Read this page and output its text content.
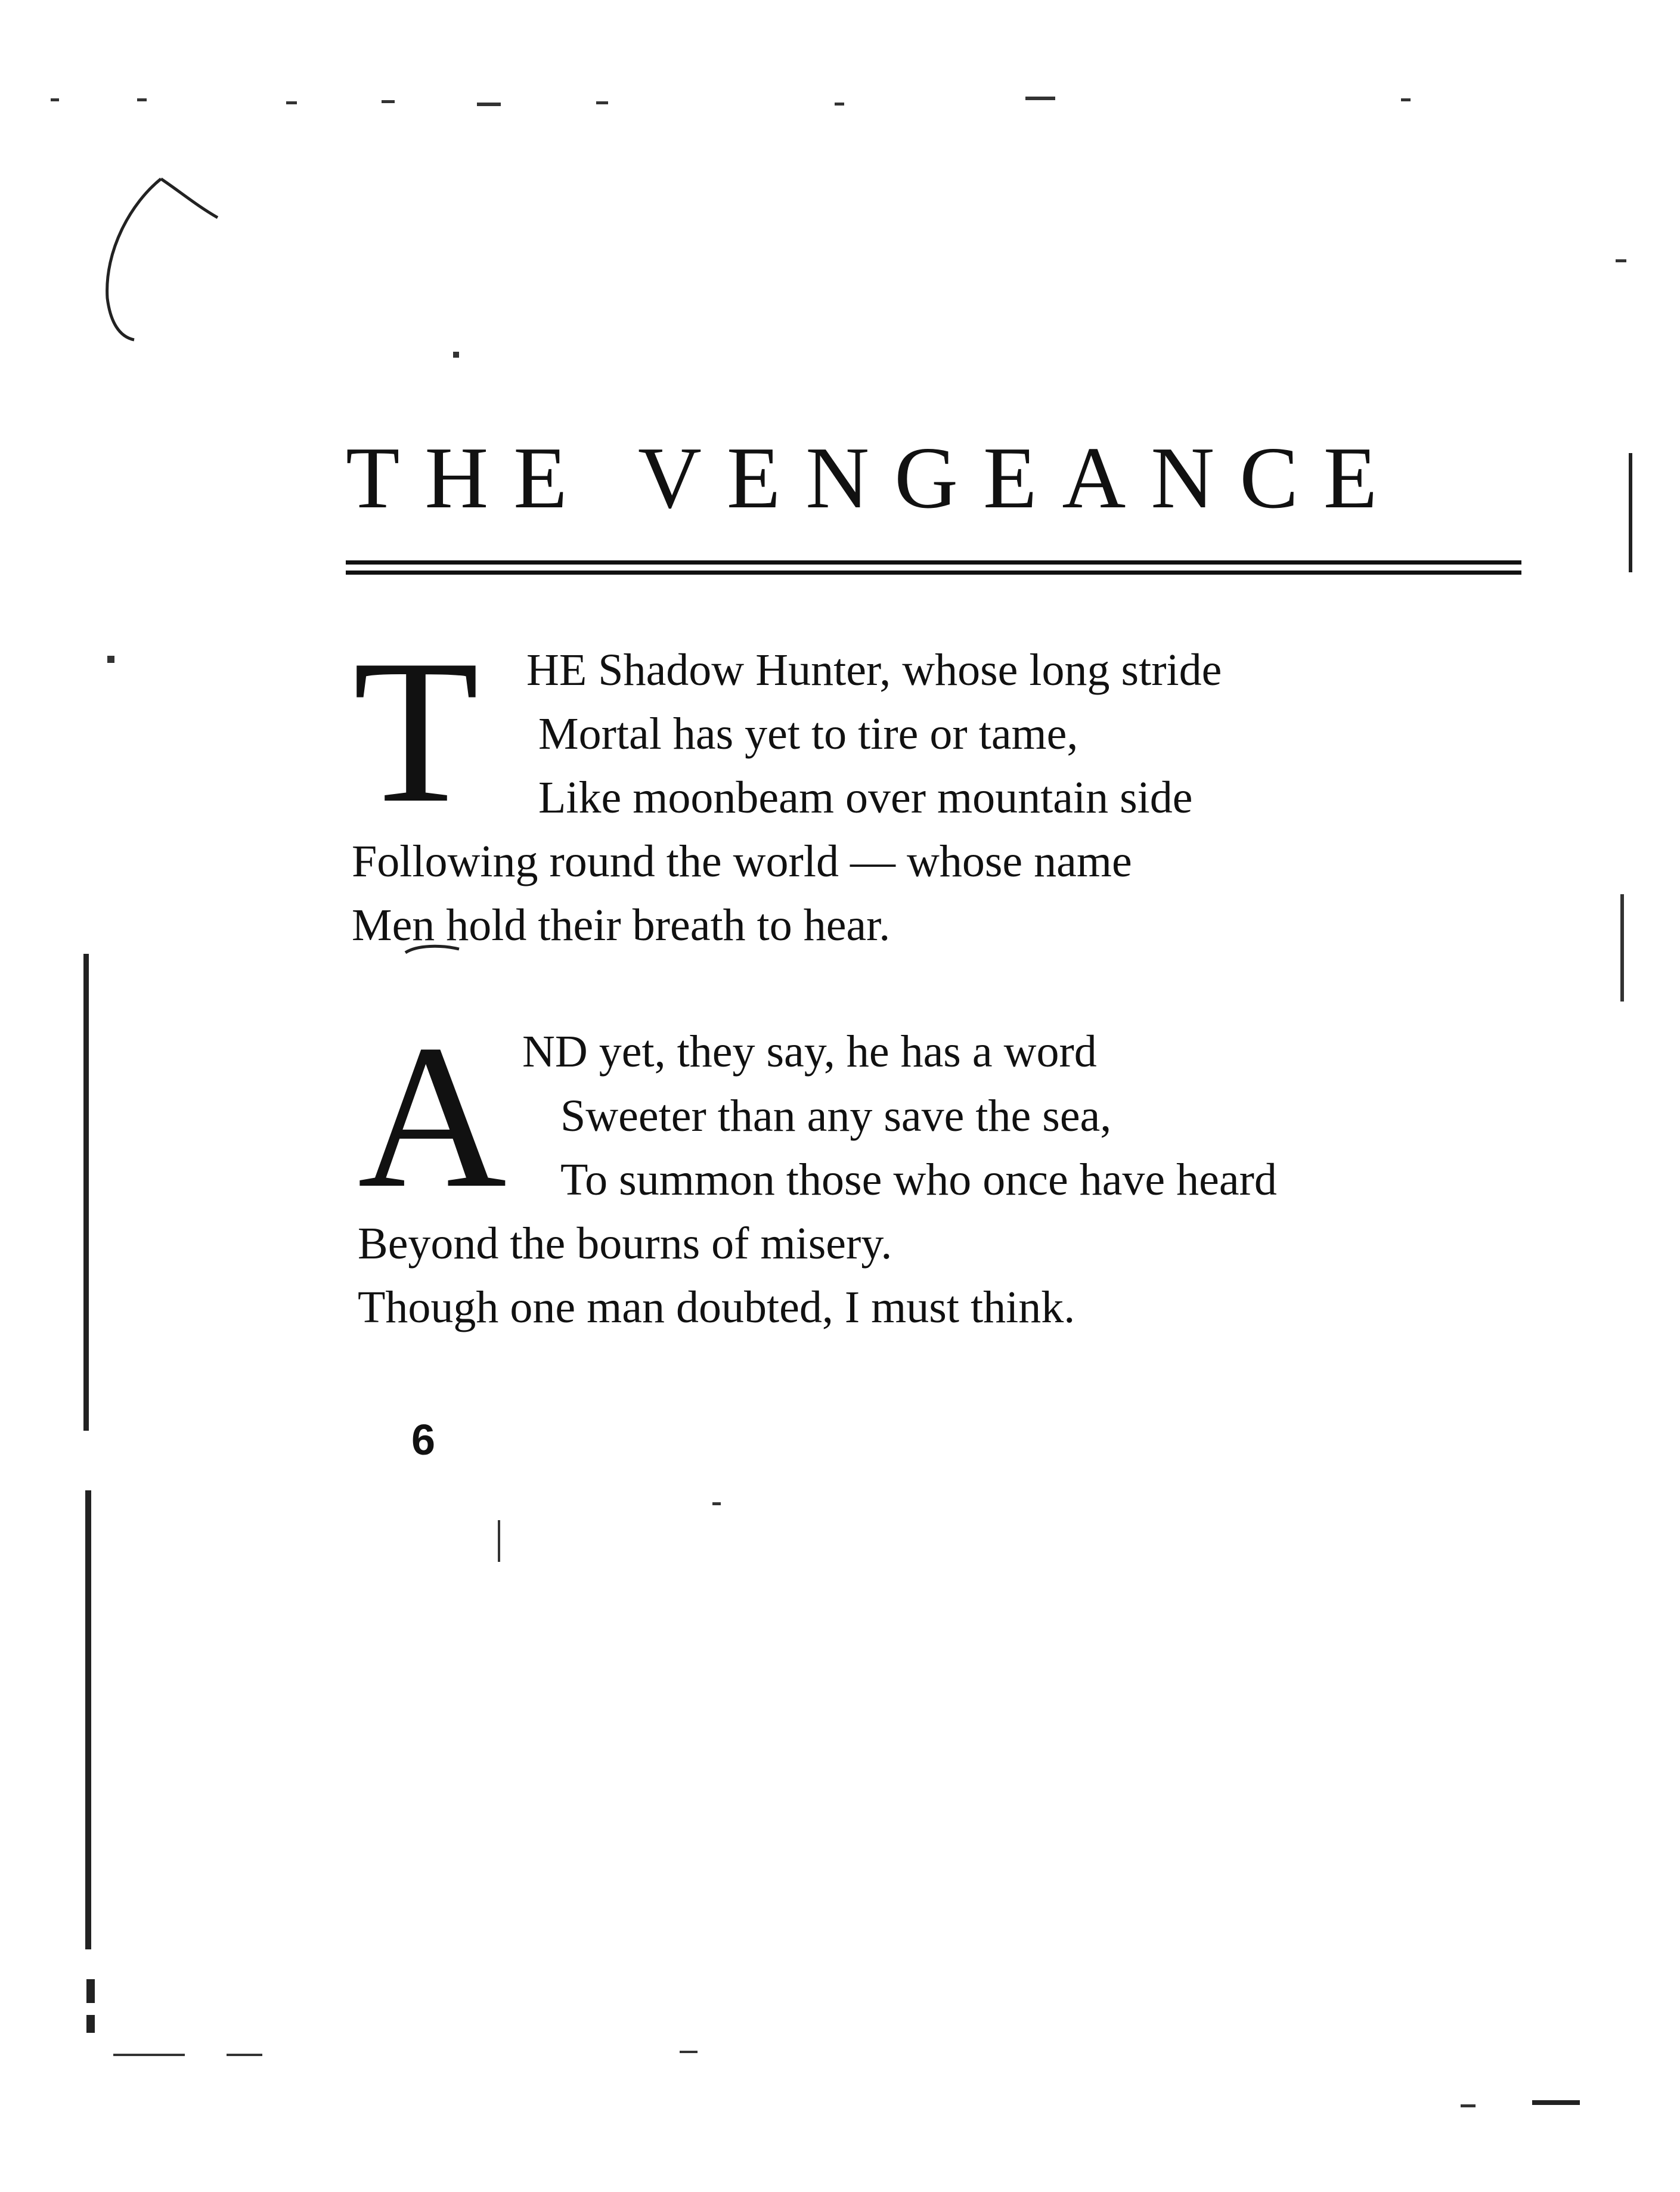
THE VENGEANCE
T HE Shadow Hunter, whose long stride
Mortal has yet to tire or tame,
Like moonbeam over mountain side
Following round the world — whose name
Men hold their breath to hear.
A ND yet, they say, he has a word
Sweeter than any save the sea,
To summon those who once have heard
Beyond the bourns of misery.
Though one man doubted, I must think.
6
